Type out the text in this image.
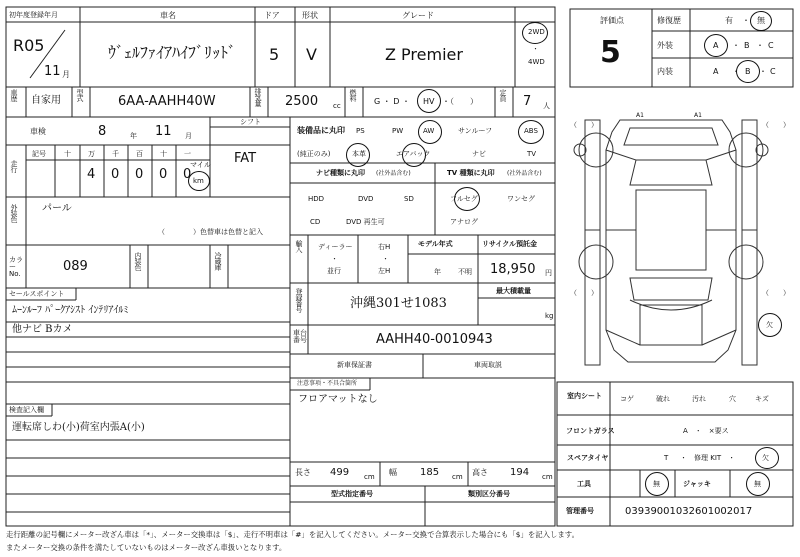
初年度登録年月
R05
11 月
車名
ｳﾞｪﾙﾌｧｲｱﾊｲﾌﾞﾘｯﾄﾞ
ドア
5
形状
V
グレード
Z Premier
2WD
・
4WD
評価点
5
修復歴	有 ・ 無
外装	A ・ B ・ C
内装	A ・ B ・ C
車歴 自家用 型式	6AA-AAHH40W	排気量 2500 cc
燃料
G ・ D ・ HV ・（　　）
定員 7 人
車検	8	年 11 月
シフト
FAT
走行
記号	十 万 千 百 十 一
4 0 0 0 0
マイル
km
外装色 パール
（　　　　）色替車は色替と記入
カラーNo.	089	内装色	冷蔵庫
セールスポイント
ﾑｰﾝﾙｰﾌ ﾊﾟｰｸｱｼｽﾄ ｲﾝﾃﾘｱｲﾙﾐ
他ナビ Bカメ
検査記入欄
運転席しわ(小)荷室内張A(小)
装備品に丸印
(純正のみ)
PS	PW	AW	サンルーフ	ABS
本革	エアバック	ナビ	TV
ナビ種類に丸印 (社外品含む)
HDD	DVD	SD
CD	DVD 再生可
TV 種類に丸印 (社外品含む)
フルセグ	ワンセグ
アナログ
輸入 ディーラー
・
並行
右H
・
左H
モデル年式
年 不明
リサイクル預託金
18,950 円
登録番号	沖縄301せ1083
最大積載量
kg
車台番号	AAHH40-0010943
新車保証書	車両取説
注意事項・不具合箇所
フロアマットなし
長さ 499 cm 幅 185 cm 高さ 194 cm
型式指定番号	類別区分番号
A1	A1
（　　）	（　　）
（　　）	（　　）
欠
室内シート	コゲ	破れ	汚れ	穴	キズ
フロントガラス	A　・　×要ス
スペアタイヤ	T ・　修理 KIT　・	欠
工具	無	ジャッキ	無
管理番号	039390010326010020​17
走行距離の記号欄にメーター改ざん車は「*」、メーター交換車は「$」、走行不明車は「#」を記入してください。メーター交換で合算表示した場合にも「$」を記入します。
またメーター交換の条件を満たしていないものはメーター改ざん車扱いとなります。
